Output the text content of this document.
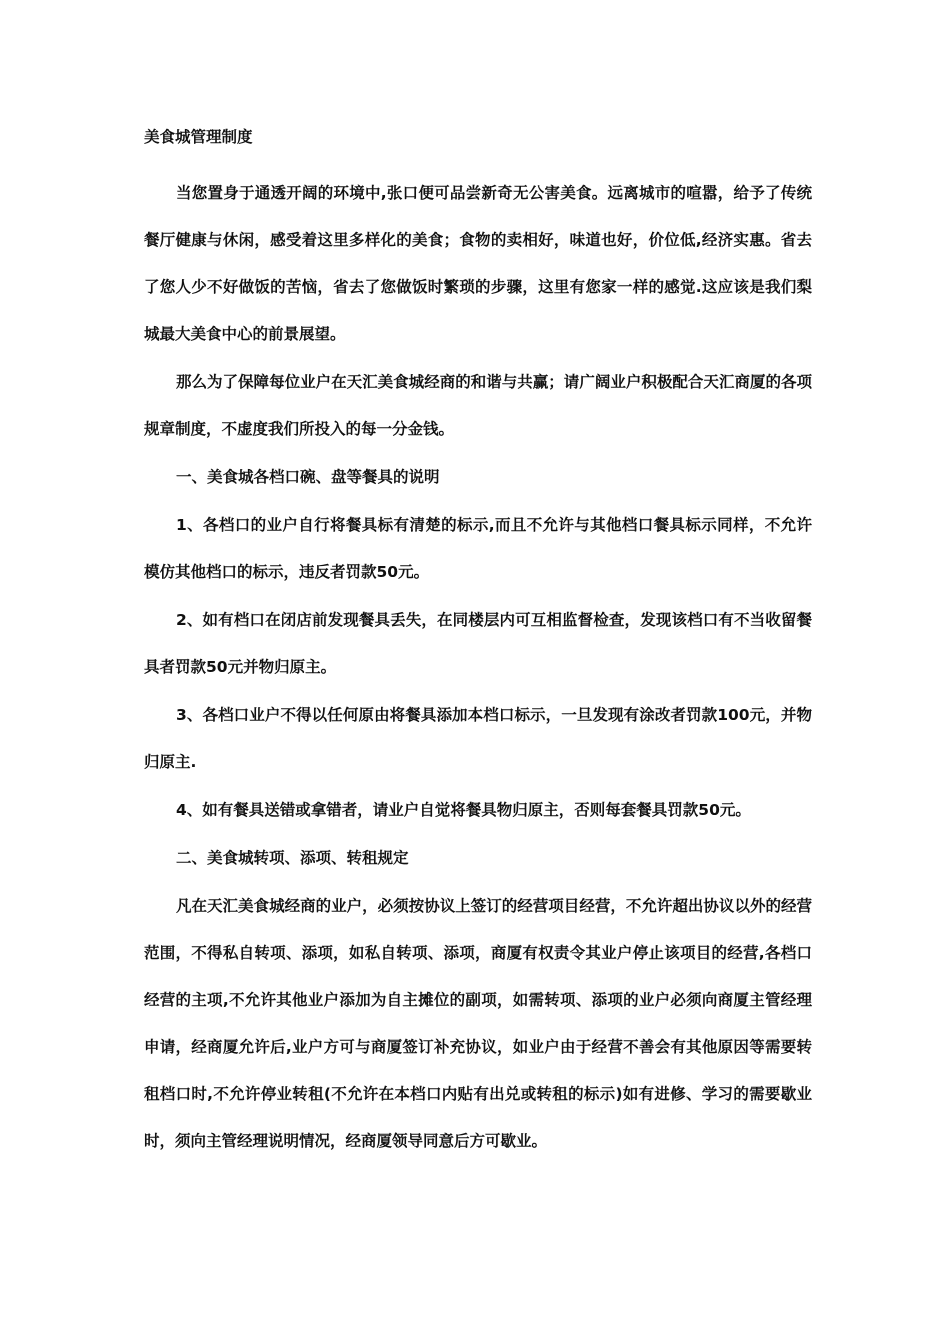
美食城管理制度

当您置身于通透开阔的环境中,张口便可品尝新奇无公害美食。远离城市的喧嚣，给予了传统餐厅健康与休闲，感受着这里多样化的美食；食物的卖相好，味道也好，价位低,经济实惠。省去了您人少不好做饭的苦恼，省去了您做饭时繁琐的步骤，这里有您家一样的感觉.这应该是我们梨城最大美食中心的前景展望。

那么为了保障每位业户在天汇美食城经商的和谐与共赢；请广阔业户积极配合天汇商厦的各项规章制度，不虚度我们所投入的每一分金钱。

一、美食城各档口碗、盘等餐具的说明

1、各档口的业户自行将餐具标有清楚的标示,而且不允许与其他档口餐具标示同样，不允许模仿其他档口的标示，违反者罚款50元。

2、如有档口在闭店前发现餐具丢失，在同楼层内可互相监督检查，发现该档口有不当收留餐具者罚款50元并物归原主。

3、各档口业户不得以任何原由将餐具添加本档口标示，一旦发现有涂改者罚款100元，并物归原主.

4、如有餐具送错或拿错者，请业户自觉将餐具物归原主，否则每套餐具罚款50元。

二、美食城转项、添项、转租规定

凡在天汇美食城经商的业户，必须按协议上签订的经营项目经营，不允许超出协议以外的经营范围，不得私自转项、添项，如私自转项、添项，商厦有权责令其业户停止该项目的经营,各档口经营的主项,不允许其他业户添加为自主摊位的副项，如需转项、添项的业户必须向商厦主管经理申请，经商厦允许后,业户方可与商厦签订补充协议，如业户由于经营不善会有其他原因等需要转租档口时,不允许停业转租(不允许在本档口内贴有出兑或转租的标示)如有进修、学习的需要歇业时，须向主管经理说明情况，经商厦领导同意后方可歇业。
